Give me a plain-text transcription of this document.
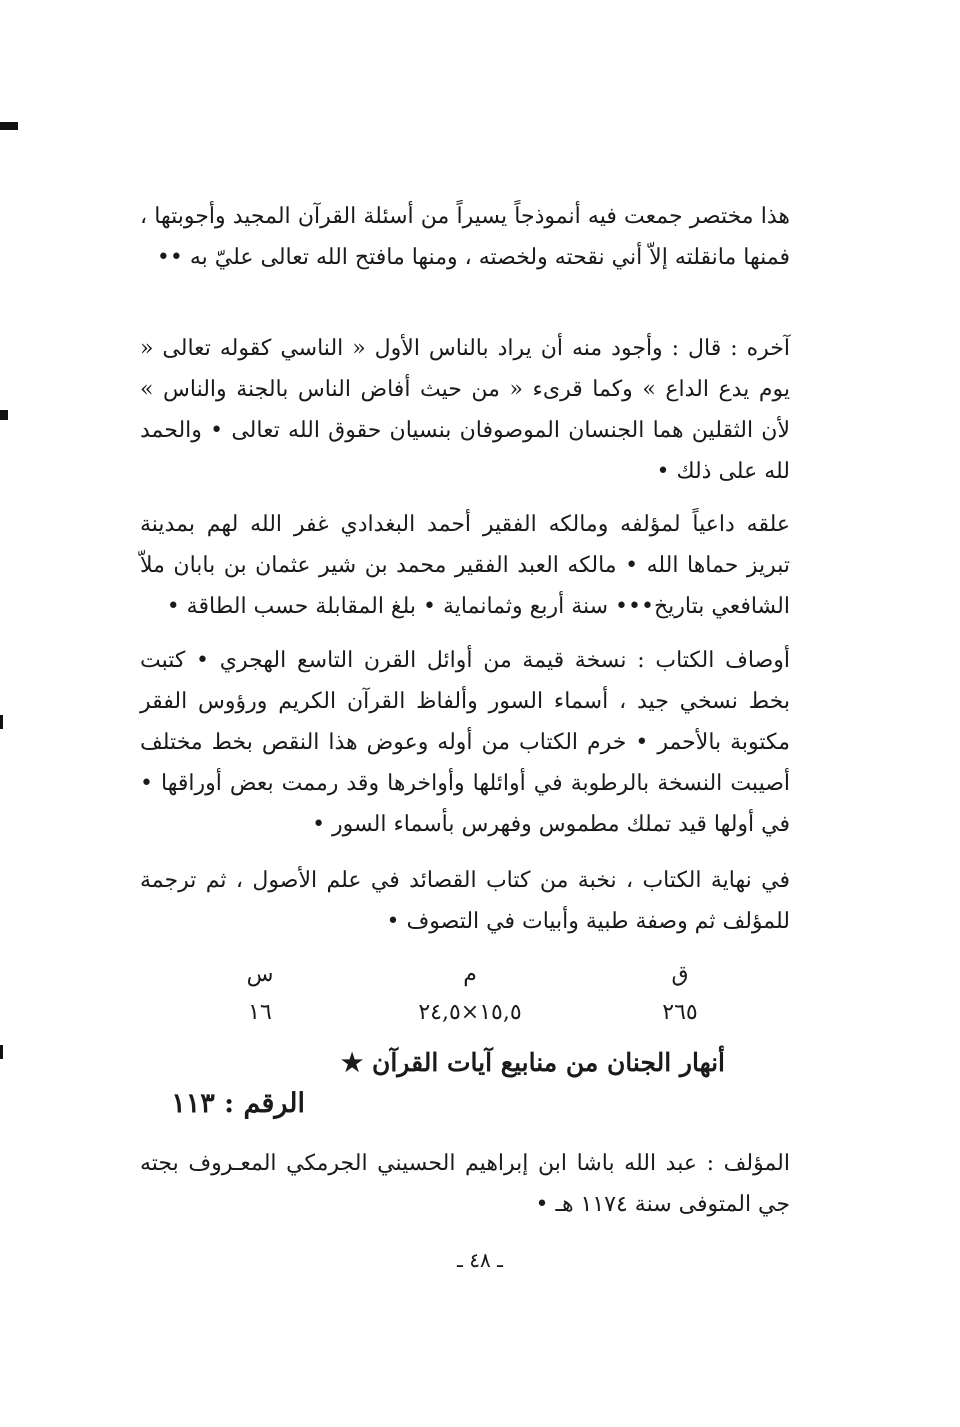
هذا مختصر جمعت فيه أنموذجاً يسيراً من أسئلة القرآن المجيد وأجوبتها ، فمنها مانقلته إلاّ أني نقحته ولخصته ، ومنها مافتح الله تعالى عليّ به ••

آخره : قال : وأجود منه أن يراد بالناس الأول « الناسي كقوله تعالى « يوم يدع الداع » وكما قرىء « من حيث أفاض الناس بالجنة والناس » لأن الثقلين هما الجنسان الموصوفان بنسيان حقوق الله تعالى • والحمد لله على ذلك •

علقه داعياً لمؤلفه ومالكه الفقير أحمد البغدادي غفر الله لهم بمدينة تبريز حماها الله • مالكه العبد الفقير محمد بن شير عثمان بن بابان ملاّ الشافعي بتاريخ••• سنة أربع وثمانماية • بلغ المقابلة حسب الطاقة •

أوصاف الكتاب : نسخة قيمة من أوائل القرن التاسع الهجري • كتبت بخط نسخي جيد ، أسماء السور وألفاظ القرآن الكريم ورؤوس الفقر مكتوبة بالأحمر • خرم الكتاب من أوله وعوض هذا النقص بخط مختلف أصيبت النسخة بالرطوبة في أوائلها وأواخرها وقد رممت بعض أوراقها • في أولها قيد تملك مطموس وفهرس بأسماء السور •

في نهاية الكتاب ، نخبة من كتاب القصائد في علم الأصول ، ثم ترجمة للمؤلف ثم وصفة طبية وأبيات في التصوف •

س	م	ق
١٦	١٥,٥×٢٤,٥	٢٦٥
أنهار الجنان من منابيع آيات القرآن ★
الرقم : ١١٣

المؤلف : عبد الله باشا ابن إبراهيم الحسيني الجرمكي المعـروف بجته جي المتوفى سنة ١١٧٤ هـ •

ـ ٤٨ ـ
